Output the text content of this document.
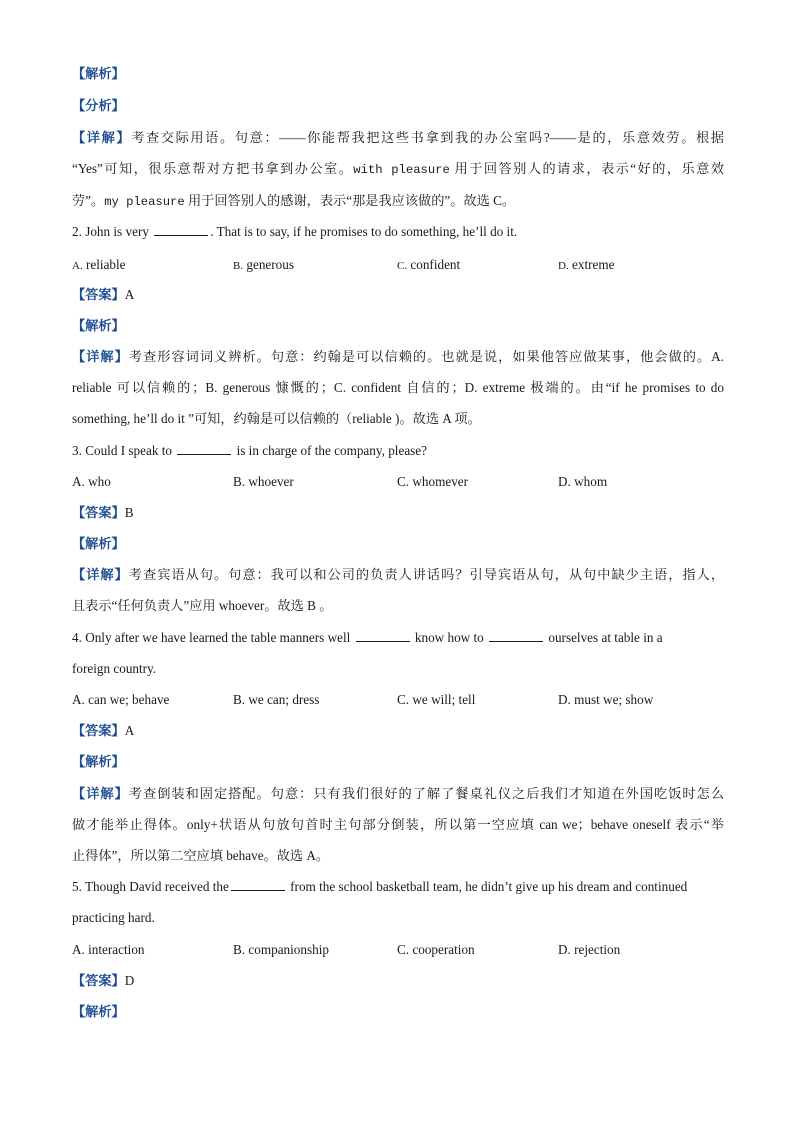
【解析】
【分析】
【详解】考查交际用语。句意：——你能帮我把这些书拿到我的办公室吗?——是的，乐意效劳。根据
“Yes”可知，很乐意帮对方把书拿到办公室。with pleasure 用于回答别人的请求，表示“好的，乐意效
劳”。my pleasure 用于回答别人的感谢，表示“那是我应该做的”。故选 C。
2. John is very	. That is to say, if he promises to do something, he’ll do it.
A. reliable	B. generous	C. confident	D. extreme
【答案】A
【解析】
【详解】考查形容词词义辨析。句意：约翰是可以信赖的。也就是说，如果他答应做某事，他会做的。A.
reliable 可以信赖的；B. generous 慷慨的；C. confident 自信的；D. extreme 极端的。由“if he promises to do
something, he’ll do it ”可知，约翰是可以信赖的（reliable )。故选 A 项。
3. Could I speak to	is in charge of the company, please?
A. who	B. whoever	C. whomever	D. whom
【答案】B
【解析】
【详解】考查宾语从句。句意：我可以和公司的负责人讲话吗？引导宾语从句，从句中缺少主语，指人，
且表示“任何负责人”应用 whoever。故选 B 。
4. Only after we have learned the table manners well	know how to	ourselves at table in a
foreign country.
A. can we; behave	B. we can; dress	C. we will; tell	D. must we; show
【答案】A
【解析】
【详解】考查倒装和固定搭配。句意：只有我们很好的了解了餐桌礼仪之后我们才知道在外国吃饭时怎么
做才能举止得体。only+状语从句放句首时主句部分倒装，所以第一空应填 can we；behave oneself 表示“举
止得体”，所以第二空应填 behave。故选 A。
5. Though David received the	from the school basketball team, he didn’t give up his dream and continued
practicing hard.
A. interaction	B. companionship	C. cooperation	D. rejection
【答案】D
【解析】
